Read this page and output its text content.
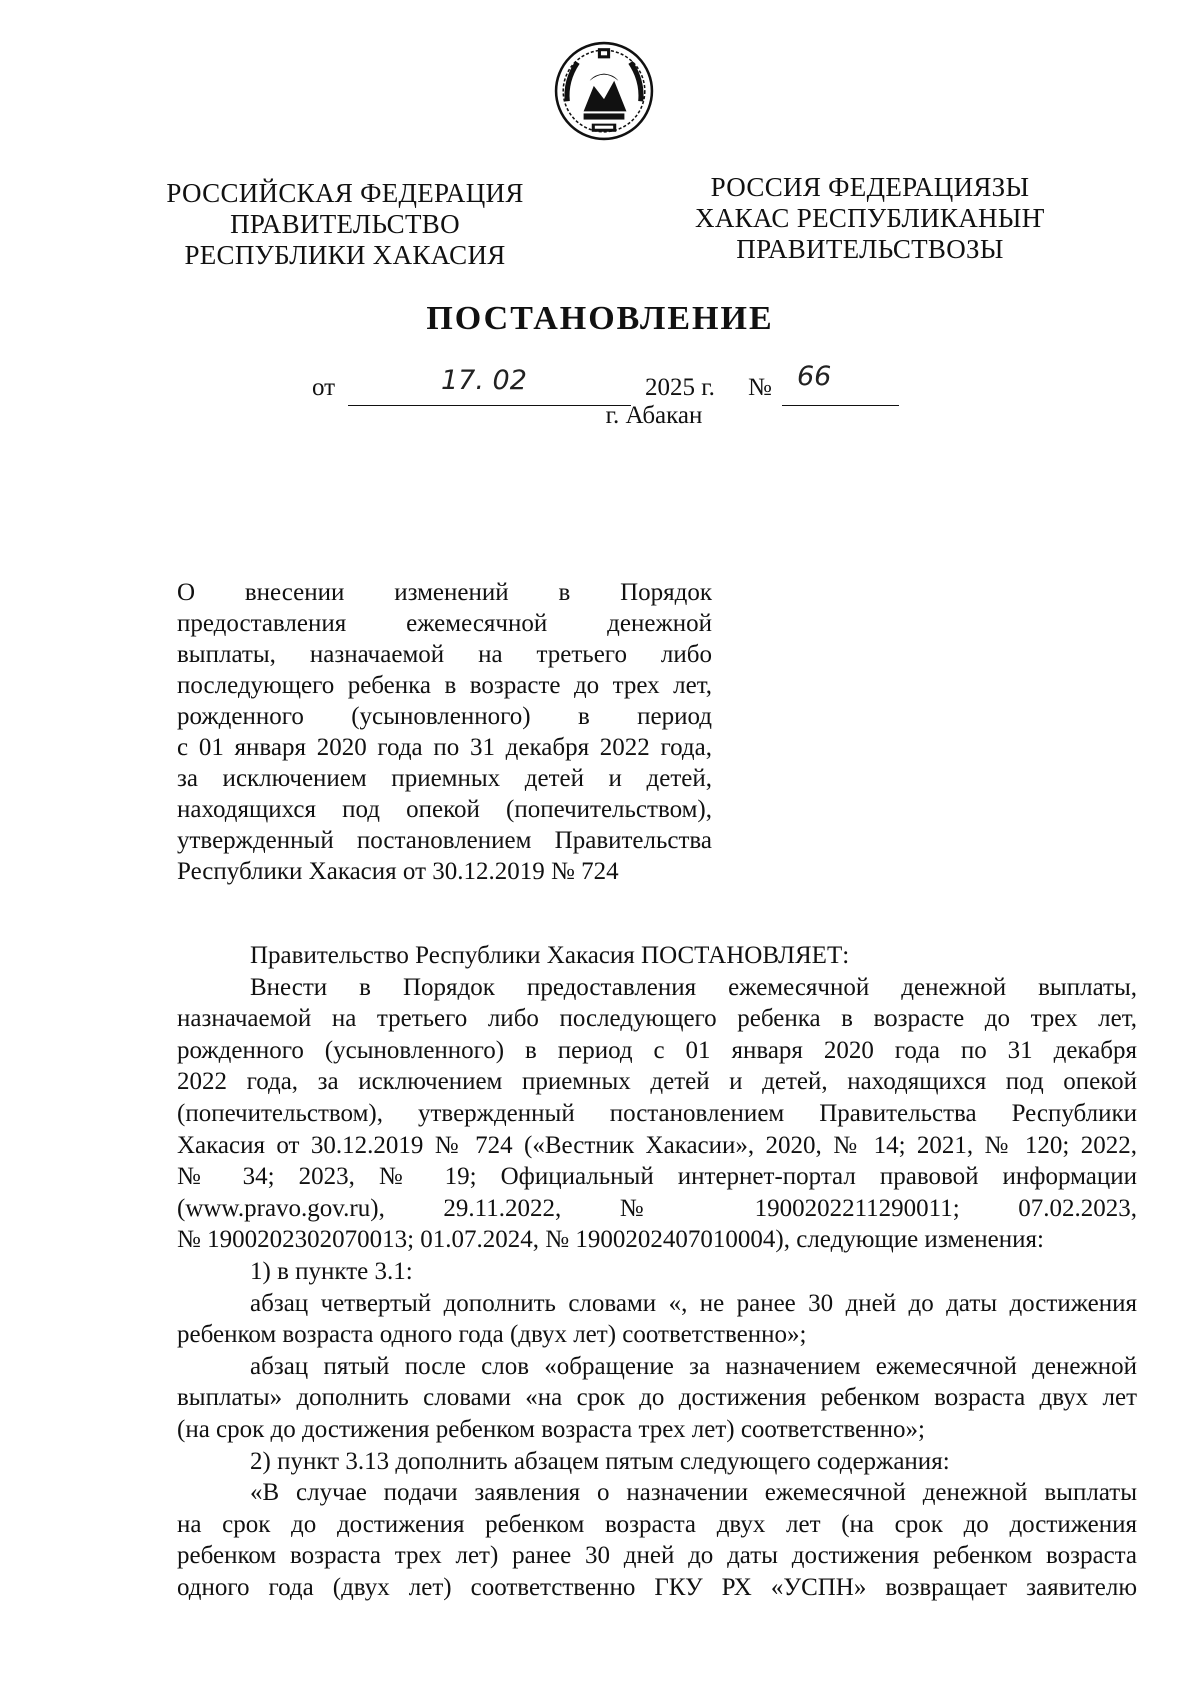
РОССИЙСКАЯ ФЕДЕРАЦИЯ
ПРАВИТЕЛЬСТВО
РЕСПУБЛИКИ ХАКАСИЯ
РОССИЯ ФЕДЕРАЦИЯЗЫ
ХАКАС РЕСПУБЛИКАНЫҤ
ПРАВИТЕЛЬСТВОЗЫ
ПОСТАНОВЛЕНИЕ
от	17. 02	2025 г. № 66
г. Абакан
О внесении изменений в Порядок
предоставления ежемесячной денежной
выплаты, назначаемой на третьего либо
последующего ребенка в возрасте до трех лет,
рожденного (усыновленного) в период
с 01 января 2020 года по 31 декабря 2022 года,
за исключением приемных детей и детей,
находящихся под опекой (попечительством),
утвержденный постановлением Правительства
Республики Хакасия от 30.12.2019 № 724
Правительство Республики Хакасия ПОСТАНОВЛЯЕТ:
Внести в Порядок предоставления ежемесячной денежной выплаты,
назначаемой на третьего либо последующего ребенка в возрасте до трех лет,
рожденного (усыновленного) в период с 01 января 2020 года по 31 декабря
2022 года, за исключением приемных детей и детей, находящихся под опекой
(попечительством), утвержденный постановлением Правительства Республики
Хакасия от 30.12.2019 № 724 («Вестник Хакасии», 2020, № 14; 2021, № 120; 2022,
№ 34; 2023, № 19; Официальный интернет-портал правовой информации
(www.pravo.gov.ru), 29.11.2022, № 1900202211290011; 07.02.2023,
№ 1900202302070013; 01.07.2024, № 1900202407010004), следующие изменения:
1) в пункте 3.1:
абзац четвертый дополнить словами «, не ранее 30 дней до даты достижения
ребенком возраста одного года (двух лет) соответственно»;
абзац пятый после слов «обращение за назначением ежемесячной денежной
выплаты» дополнить словами «на срок до достижения ребенком возраста двух лет
(на срок до достижения ребенком возраста трех лет) соответственно»;
2) пункт 3.13 дополнить абзацем пятым следующего содержания:
«В случае подачи заявления о назначении ежемесячной денежной выплаты
на срок до достижения ребенком возраста двух лет (на срок до достижения
ребенком возраста трех лет) ранее 30 дней до даты достижения ребенком возраста
одного года (двух лет) соответственно ГКУ РХ «УСПН» возвращает заявителю
